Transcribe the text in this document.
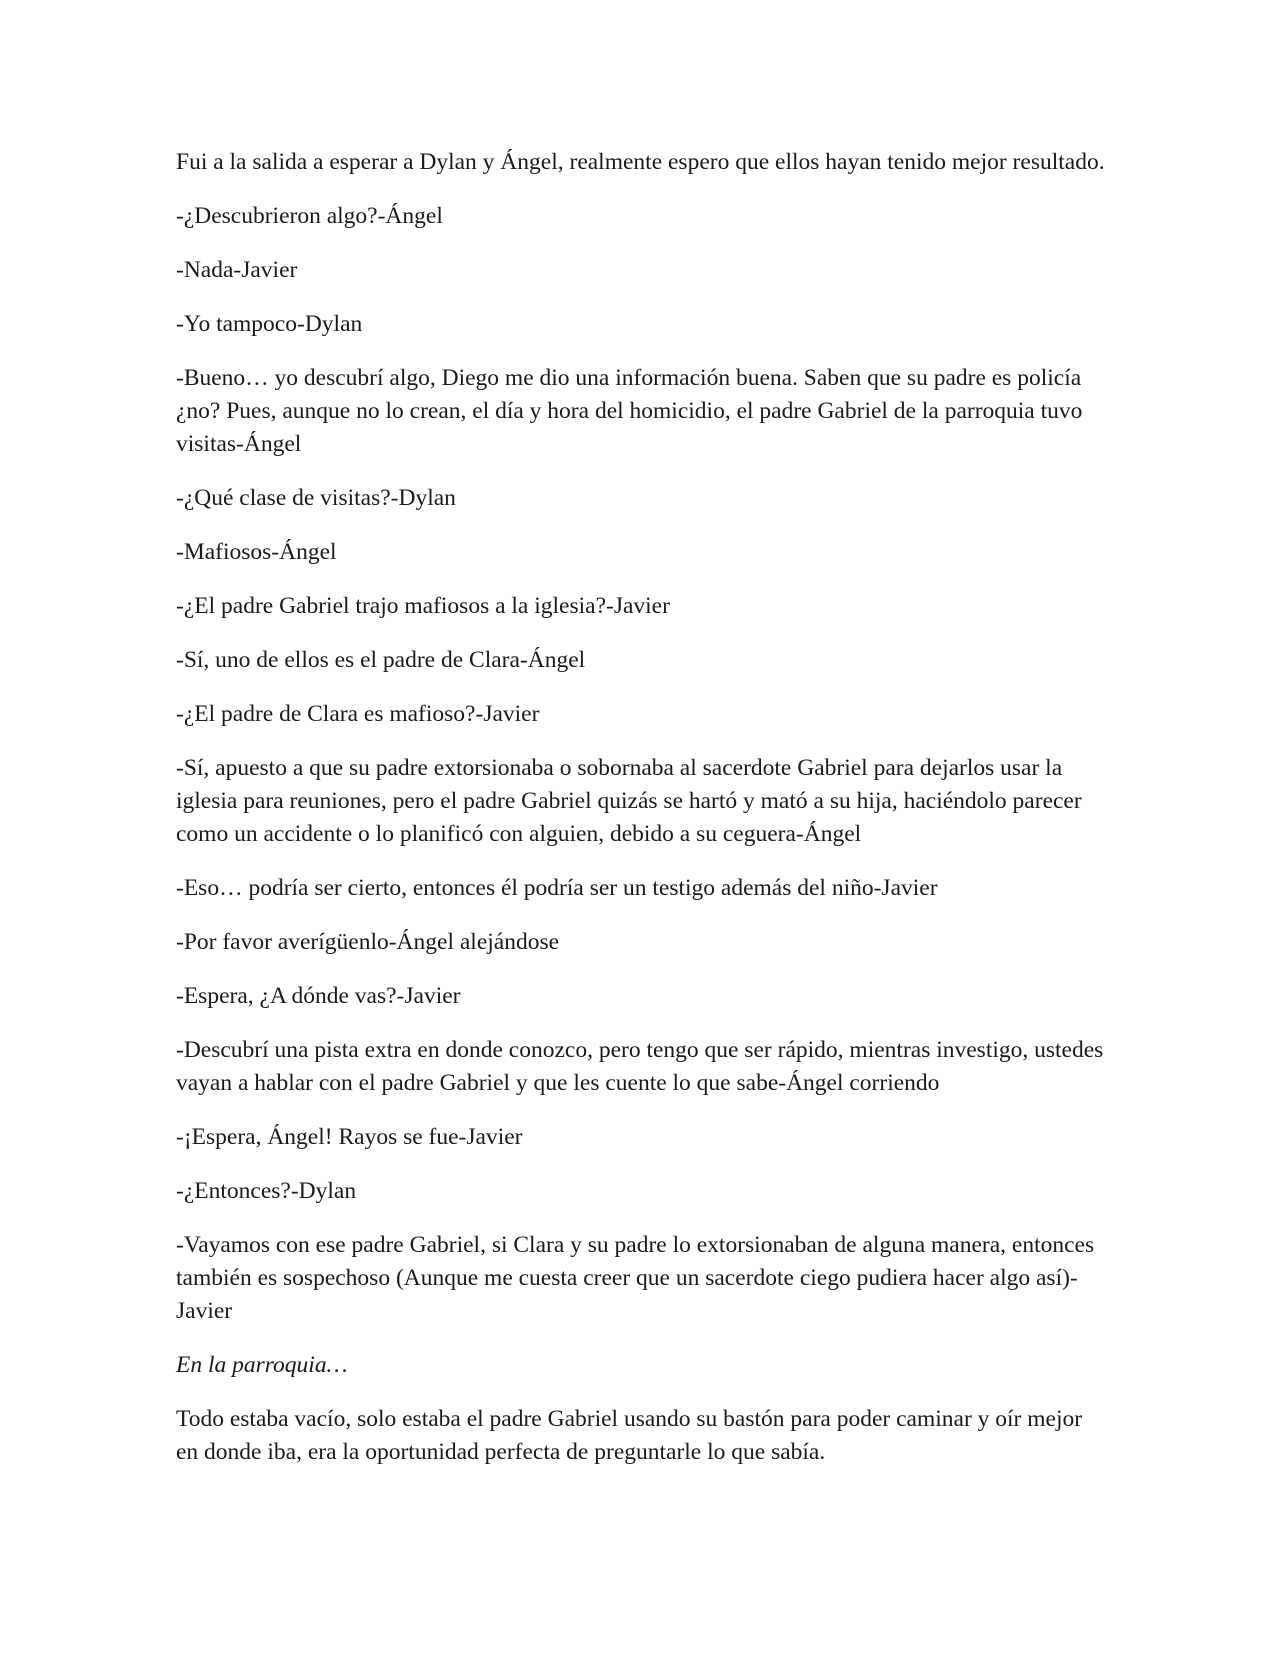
Fui a la salida a esperar a Dylan y Ángel, realmente espero que ellos hayan tenido mejor resultado.

-¿Descubrieron algo?-Ángel

-Nada-Javier

-Yo tampoco-Dylan

-Bueno… yo descubrí algo, Diego me dio una información buena. Saben que su padre es policía ¿no? Pues, aunque no lo crean, el día y hora del homicidio, el padre Gabriel de la parroquia tuvo visitas-Ángel

-¿Qué clase de visitas?-Dylan

-Mafiosos-Ángel

-¿El padre Gabriel trajo mafiosos a la iglesia?-Javier

-Sí, uno de ellos es el padre de Clara-Ángel

-¿El padre de Clara es mafioso?-Javier

-Sí, apuesto a que su padre extorsionaba o sobornaba al sacerdote Gabriel para dejarlos usar la iglesia para reuniones, pero el padre Gabriel quizás se hartó y mató a su hija, haciéndolo parecer como un accidente o lo planificó con alguien, debido a su ceguera-Ángel

-Eso… podría ser cierto, entonces él podría ser un testigo además del niño-Javier

-Por favor averígüenlo-Ángel alejándose

-Espera, ¿A dónde vas?-Javier

-Descubrí una pista extra en donde conozco, pero tengo que ser rápido, mientras investigo, ustedes vayan a hablar con el padre Gabriel y que les cuente lo que sabe-Ángel corriendo

-¡Espera, Ángel! Rayos se fue-Javier

-¿Entonces?-Dylan

-Vayamos con ese padre Gabriel, si Clara y su padre lo extorsionaban de alguna manera, entonces también es sospechoso (Aunque me cuesta creer que un sacerdote ciego pudiera hacer algo así)-Javier

En la parroquia…

Todo estaba vacío, solo estaba el padre Gabriel usando su bastón para poder caminar y oír mejor en donde iba, era la oportunidad perfecta de preguntarle lo que sabía.
